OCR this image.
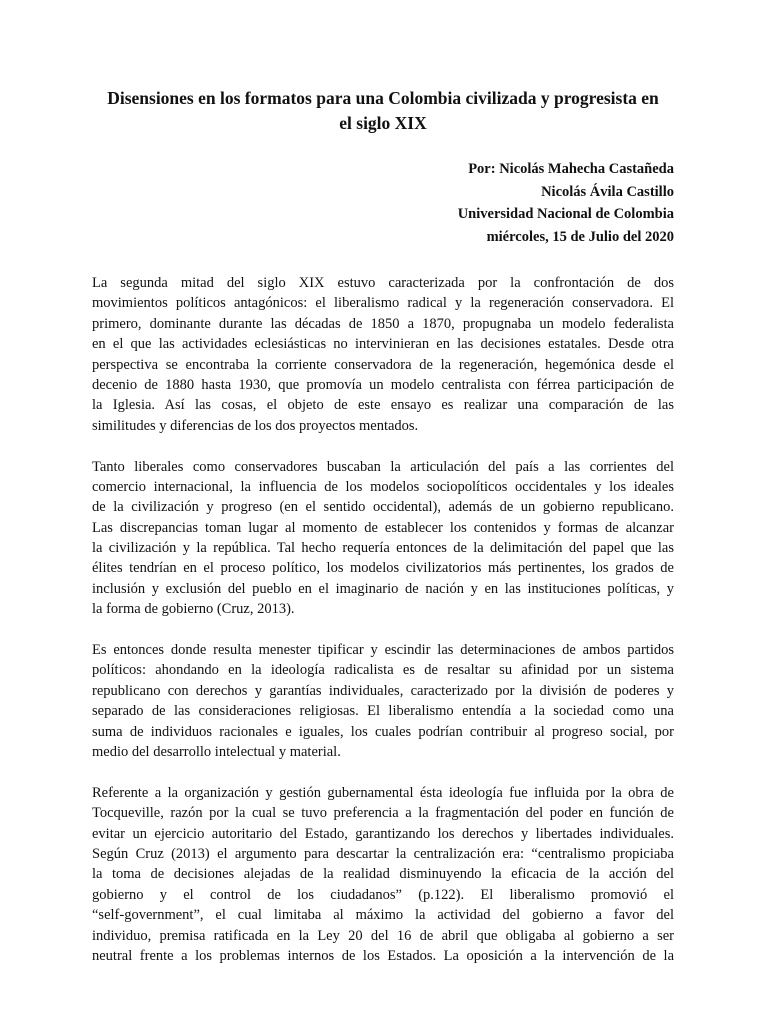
Disensiones en los formatos para una Colombia civilizada y progresista en
el siglo XIX
Por: Nicolás Mahecha Castañeda
Nicolás Ávila Castillo
Universidad Nacional de Colombia
miércoles, 15 de Julio del 2020

La segunda mitad del siglo XIX estuvo caracterizada por la confrontación de dos
movimientos políticos antagónicos: el liberalismo radical y la regeneración conservadora. El
primero, dominante durante las décadas de 1850 a 1870, propugnaba un modelo federalista
en el que las actividades eclesiásticas no intervinieran en las decisiones estatales. Desde otra
perspectiva se encontraba la corriente conservadora de la regeneración, hegemónica desde el
decenio de 1880 hasta 1930, que promovía un modelo centralista con férrea participación de
la Iglesia. Así las cosas, el objeto de este ensayo es realizar una comparación de las
similitudes y diferencias de los dos proyectos mentados.

Tanto liberales como conservadores buscaban la articulación del país a las corrientes del
comercio internacional, la influencia de los modelos sociopolíticos occidentales y los ideales
de la civilización y progreso (en el sentido occidental), además de un gobierno republicano.
Las discrepancias toman lugar al momento de establecer los contenidos y formas de alcanzar
la civilización y la república. Tal hecho requería entonces de la delimitación del papel que las
élites tendrían en el proceso político, los modelos civilizatorios más pertinentes, los grados de
inclusión y exclusión del pueblo en el imaginario de nación y en las instituciones políticas, y
la forma de gobierno (Cruz, 2013).

Es entonces donde resulta menester tipificar y escindir las determinaciones de ambos partidos
políticos: ahondando en la ideología radicalista es de resaltar su afinidad por un sistema
republicano con derechos y garantías individuales, caracterizado por la división de poderes y
separado de las consideraciones religiosas. El liberalismo entendía a la sociedad como una
suma de individuos racionales e iguales, los cuales podrían contribuir al progreso social, por
medio del desarrollo intelectual y material.

Referente a la organización y gestión gubernamental ésta ideología fue influida por la obra de
Tocqueville, razón por la cual se tuvo preferencia a la fragmentación del poder en función de
evitar un ejercicio autoritario del Estado, garantizando los derechos y libertades individuales.
Según Cruz (2013) el argumento para descartar la centralización era: “centralismo propiciaba
la toma de decisiones alejadas de la realidad disminuyendo la eficacia de la acción del
gobierno y el control de los ciudadanos” (p.122). El liberalismo promovió el
“self-government”, el cual limitaba al máximo la actividad del gobierno a favor del
individuo, premisa ratificada en la Ley 20 del 16 de abril que obligaba al gobierno a ser
neutral frente a los problemas internos de los Estados. La oposición a la intervención de la
